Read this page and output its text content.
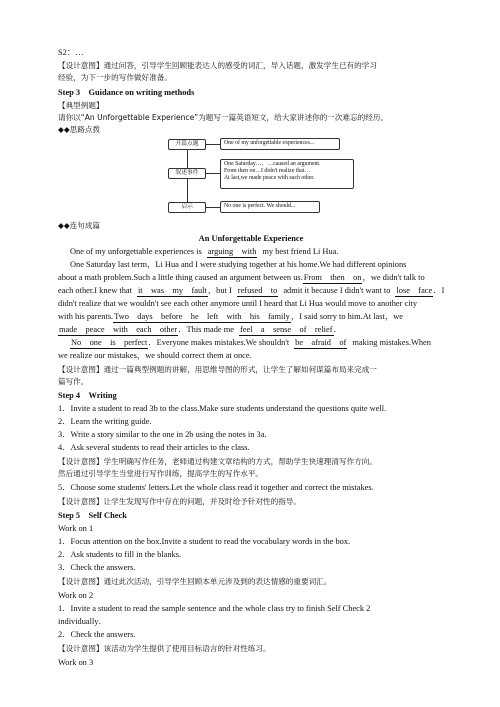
S2：…
【设计意图】通过问答，引导学生回顾能表达人的感受的词汇，导入话题，激发学生已有的学习
经验，为下一步的写作做好准备。
Step 3　Guidance on writing methods
【典型例题】
请你以“An Unforgettable Experience”为题写一篇英语短文，给大家讲述你的一次难忘的经历。
◆◆思路点拨
开篇点题
叙述事件
启示
One of my unforgettable experiences...
One Saturday…，…caused an argument.
From then on…I didn't realize that…
At last,we made peace with each other.
No one is perfect. We should...
◆◆连句成篇
An Unforgettable Experience
One of my unforgettable experiences is arguing　with my best friend Li Hua.
One Saturday last term，Li Hua and I were studying together at his home.We had different opinions
about a math problem.Such a little thing caused an argument between us.From　then　on，we didn't talk to
each other.I knew that it　was　my　fault，but I refused　to admit it because I didn't want to lose　face．I
didn't realize that we wouldn't see each other anymore until I heard that Li Hua would move to another city
with his parents.Two　days　before　he　left　with　his　family，I said sorry to him.At last，we
made　peace　with　each　other．This made me feel　a　sense　of　relief．
No　one　is　perfect．Everyone makes mistakes.We shouldn't be　afraid　of making mistakes.When
we realize our mistakes，we should correct them at once.
【设计意图】通过一篇典型例题的讲解，用思维导图的形式，让学生了解如何谋篇布局来完成一
篇写作。
Step 4　Writing
1．Invite a student to read 3b to the class.Make sure students understand the questions quite well.
2．Learn the writing guide.
3．Write a story similar to the one in 2b using the notes in 3a.
4．Ask several students to read their articles to the class.
【设计意图】学生明确写作任务，老师通过构建文章结构的方式，帮助学生快速理清写作方向。
然后通过引导学生当堂进行写作训练，提高学生的写作水平。
5．Choose some students' letters.Let the whole class read it together and correct the mistakes.
【设计意图】让学生发现写作中存在的问题，并及时给予针对性的指导。
Step 5　Self Check
Work on 1
1．Focus attention on the box.Invite a student to read the vocabulary words in the box.
2．Ask students to fill in the blanks.
3．Check the answers.
【设计意图】通过此次活动，引导学生回顾本单元涉及到的表达情感的重要词汇。
Work on 2
1．Invite a student to read the sample sentence and the whole class try to finish Self Check 2
individually．
2．Check the answers.
【设计意图】该活动为学生提供了使用目标语言的针对性练习。
Work on 3
